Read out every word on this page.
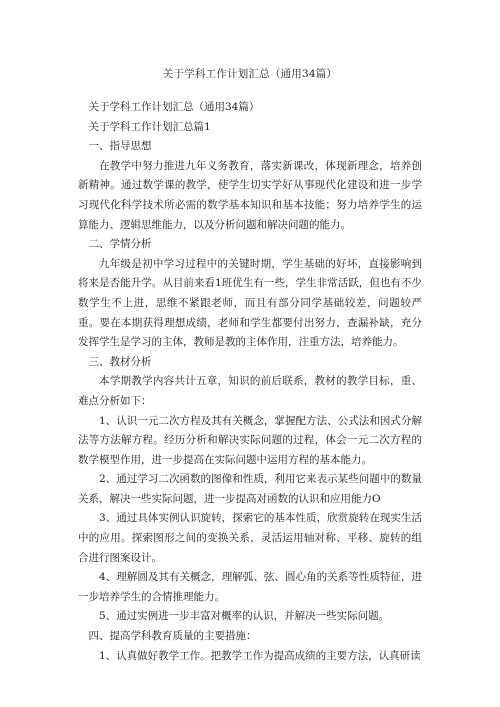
关于学科工作计划汇总（通用34篇）

关于学科工作计划汇总（通用34篇）

关于学科工作计划汇总篇1

一、指导思想

在教学中努力推进九年义务教育，落实新课改，体现新理念，培养创新精神。通过数学课的教学，使学生切实学好从事现代化建设和进一步学习现代化科学技术所必需的数学基本知识和基本技能；努力培养学生的运算能力、逻辑思维能力，以及分析问题和解决问题的能力。

二、学情分析

九年级是初中学习过程中的关键时期，学生基础的好坏，直接影响到将来是否能升学。从目前来看1班优生有一些，学生非常活跃，但也有不少数学生不上进，思维不紧跟老师，而且有部分同学基础较差，问题较严重。要在本期获得理想成绩，老师和学生都要付出努力，查漏补缺，充分发挥学生是学习的主体，教师是教的主体作用，注重方法，培养能力。

三、教材分析

本学期教学内容共计五章，知识的前后联系，教材的教学目标，重、难点分析如下：

1、认识一元二次方程及其有关概念，掌握配方法、公式法和因式分解法等方法解方程。经历分析和解决实际问题的过程，体会一元二次方程的数学模型作用，进一步提高在实际问题中运用方程的基本能力。

2、通过学习二次函数的图像和性质，利用它来表示某些问题中的数量关系，解决一些实际问题，进一步提高对函数的认识和应用能力O

3、通过具体实例认识旋转，探索它的基本性质，欣赏旋转在现实生活中的应用。探索图形之间的变换关系，灵活运用轴对称、平移、旋转的组合进行图案设计。

4、理解圆及其有关概念，理解弧、弦、圆心角的关系等性质特征，进一步培养学生的合情推理能力。

5、通过实例进一步丰富对概率的认识，并解决一些实际问题。

四、提高学科教育质量的主要措施：

1、认真做好教学工作。把教学工作为提高成绩的主要方法，认真研读
